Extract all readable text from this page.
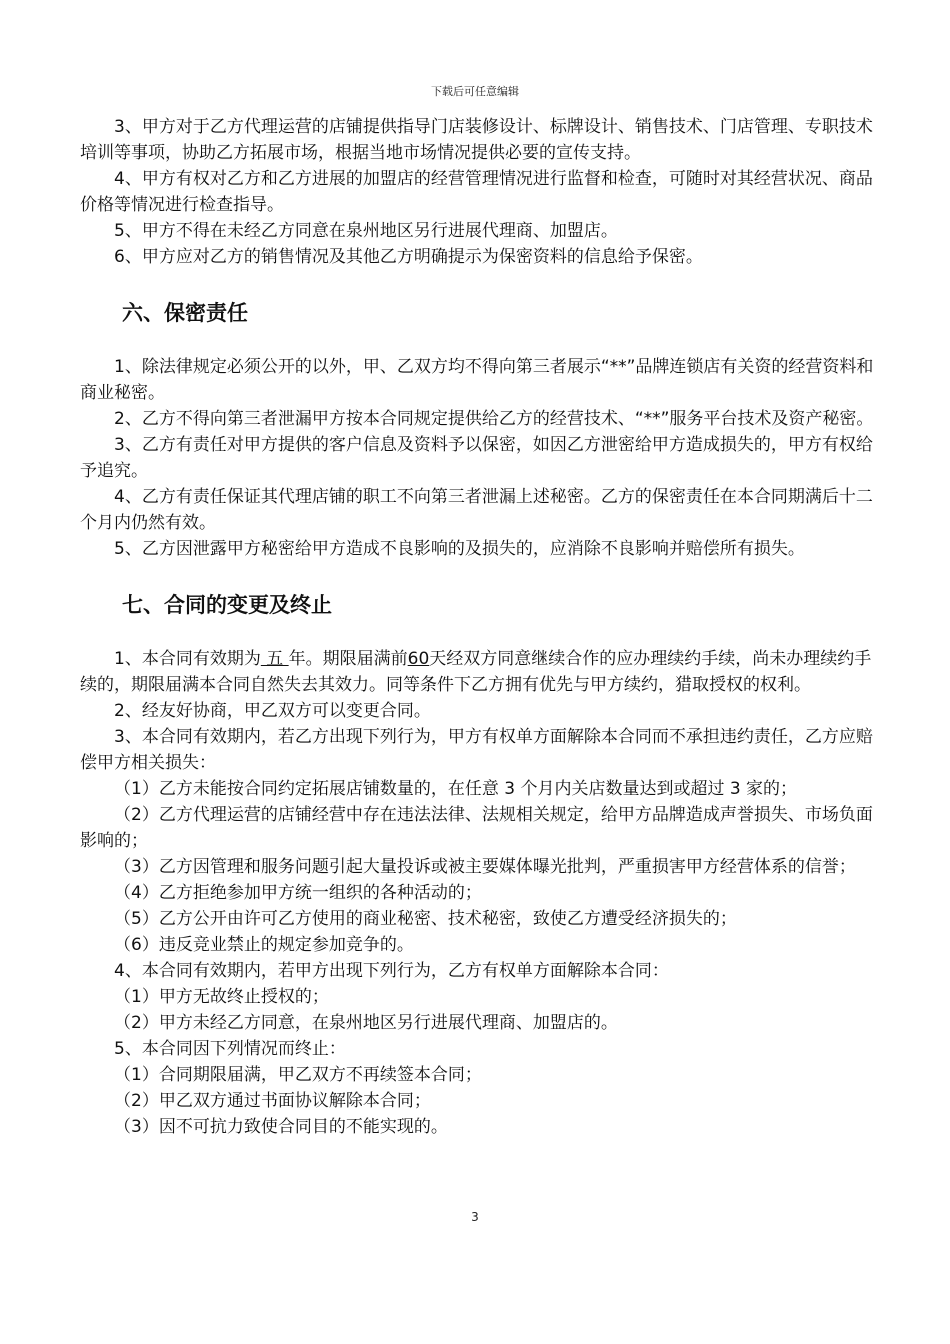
下载后可任意编辑

3、甲方对于乙方代理运营的店铺提供指导门店装修设计、标牌设计、销售技术、门店管理、专职技术培训等事项，协助乙方拓展市场，根据当地市场情况提供必要的宣传支持。

4、甲方有权对乙方和乙方进展的加盟店的经营管理情况进行监督和检查，可随时对其经营状况、商品价格等情况进行检查指导。

5、甲方不得在未经乙方同意在泉州地区另行进展代理商、加盟店。

6、甲方应对乙方的销售情况及其他乙方明确提示为保密资料的信息给予保密。

六、保密责任

1、除法律规定必须公开的以外，甲、乙双方均不得向第三者展示“**”品牌连锁店有关资的经营资料和商业秘密。

2、乙方不得向第三者泄漏甲方按本合同规定提供给乙方的经营技术、“**”服务平台技术及资产秘密。

3、乙方有责任对甲方提供的客户信息及资料予以保密，如因乙方泄密给甲方造成损失的，甲方有权给予追究。

4、乙方有责任保证其代理店铺的职工不向第三者泄漏上述秘密。乙方的保密责任在本合同期满后十二个月内仍然有效。

5、乙方因泄露甲方秘密给甲方造成不良影响的及损失的，应消除不良影响并赔偿所有损失。

七、合同的变更及终止

1、本合同有效期为 五 年。期限届满前60天经双方同意继续合作的应办理续约手续，尚未办理续约手续的，期限届满本合同自然失去其效力。同等条件下乙方拥有优先与甲方续约，猎取授权的权利。

2、经友好协商，甲乙双方可以变更合同。

3、本合同有效期内，若乙方出现下列行为，甲方有权单方面解除本合同而不承担违约责任，乙方应赔偿甲方相关损失：

（1）乙方未能按合同约定拓展店铺数量的，在任意 3 个月内关店数量达到或超过 3 家的；

（2）乙方代理运营的店铺经营中存在违法法律、法规相关规定，给甲方品牌造成声誉损失、市场负面影响的；

（3）乙方因管理和服务问题引起大量投诉或被主要媒体曝光批判，严重损害甲方经营体系的信誉；

（4）乙方拒绝参加甲方统一组织的各种活动的；

（5）乙方公开由许可乙方使用的商业秘密、技术秘密，致使乙方遭受经济损失的；

（6）违反竞业禁止的规定参加竞争的。

4、本合同有效期内，若甲方出现下列行为，乙方有权单方面解除本合同：

（1）甲方无故终止授权的；

（2）甲方未经乙方同意，在泉州地区另行进展代理商、加盟店的。

5、本合同因下列情况而终止：

（1）合同期限届满，甲乙双方不再续签本合同；

（2）甲乙双方通过书面协议解除本合同；

（3）因不可抗力致使合同目的不能实现的。

3
